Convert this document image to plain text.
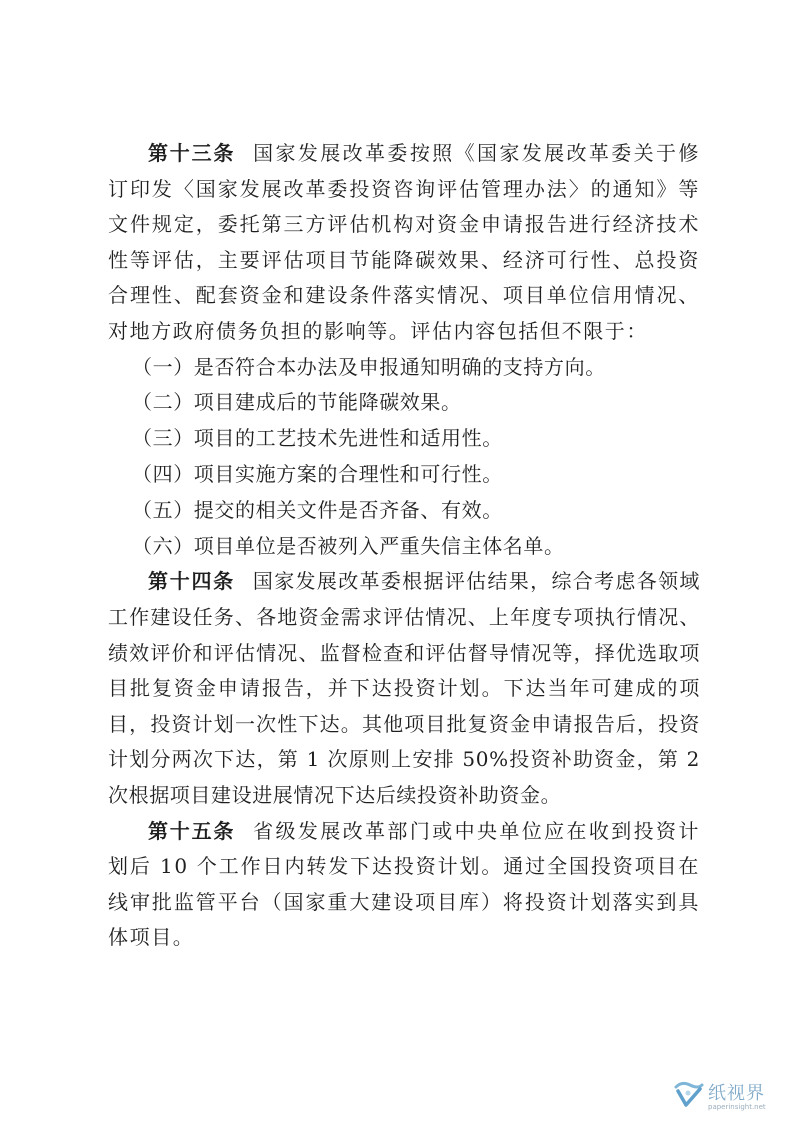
第十三条 国家发展改革委按照《国家发展改革委关于修订印发〈国家发展改革委投资咨询评估管理办法〉的通知》等文件规定，委托第三方评估机构对资金申请报告进行经济技术性等评估，主要评估项目节能降碳效果、经济可行性、总投资合理性、配套资金和建设条件落实情况、项目单位信用情况、对地方政府债务负担的影响等。评估内容包括但不限于：

（一）是否符合本办法及申报通知明确的支持方向。

（二）项目建成后的节能降碳效果。

（三）项目的工艺技术先进性和适用性。

（四）项目实施方案的合理性和可行性。

（五）提交的相关文件是否齐备、有效。

（六）项目单位是否被列入严重失信主体名单。

第十四条 国家发展改革委根据评估结果，综合考虑各领域工作建设任务、各地资金需求评估情况、上年度专项执行情况、绩效评价和评估情况、监督检查和评估督导情况等，择优选取项目批复资金申请报告，并下达投资计划。下达当年可建成的项目，投资计划一次性下达。其他项目批复资金申请报告后，投资计划分两次下达，第 1 次原则上安排 50%投资补助资金，第 2 次根据项目建设进展情况下达后续投资补助资金。

第十五条 省级发展改革部门或中央单位应在收到投资计划后 10 个工作日内转发下达投资计划。通过全国投资项目在线审批监管平台（国家重大建设项目库）将投资计划落实到具体项目。

纸视界
paperinsight.net
